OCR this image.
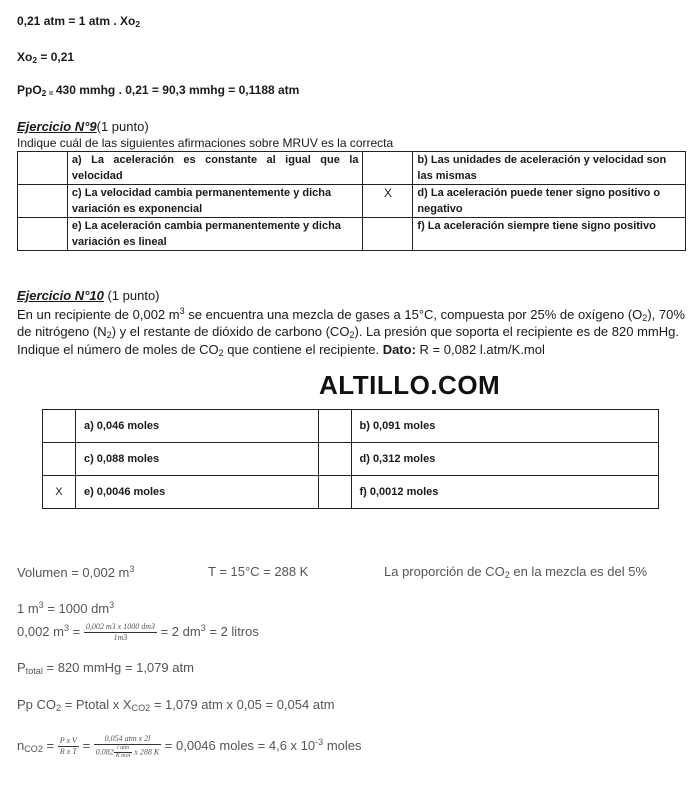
0,21 atm = 1 atm . $Xo_2$
$Xo_2 = 0,21$
PpO$_{2 =}$ 430 mmhg . 0,21 = 90,3 mmhg = 0,1188 atm
Ejercicio N°9(1 punto)
Indique cuál de las siguientes afirmaciones sobre MRUV es la correcta
	a) La aceleración es constante al igual que la velocidad		b) Las unidades de aceleración y velocidad son las mismas
	c) La velocidad cambia permanentemente y dicha variación es exponencial	X	d) La aceleración puede tener signo positivo o negativo
	e) La aceleración cambia permanentemente y dicha variación es lineal		f) La aceleración siempre tiene signo positivo
Ejercicio N°10 (1 punto)
En un recipiente de 0,002 $m^3$ se encuentra una mezcla de gases a 15°C, compuesta por 25% de oxígeno $(O_2)$, 70%
de nitrógeno $(N_2)$ y el restante de dióxido de carbono $(CO_2)$. La presión que soporta el recipiente es de 820 mmHg.
Indique el número de moles de $CO_2$ que contiene el recipiente. Dato: R = 0,082 l.atm/K.mol
ALTILLO.COM
	a) 0,046 moles		b) 0,091 moles
	c) 0,088 moles		d) 0,312 moles
X	e) 0,0046 moles		f) 0,0012 moles
Volumen = 0,002 $m^3$	T = 15°C = 288 K	La proporción de $CO_2$ en la mezcla es del 5%
1 $m^3 = 1000$ $dm^3$
0,002 $m^3 = \frac{0,002 m3 x 1000 dm3}{1m3} = 2$ $dm^3 = 2$ litros
$P_{total} = 820$ mmHg = 1,079 atm
Pp $CO_2$ = Ptotal x $X_{CO2} = 1,079$ atm x 0,05 = 0,054 atm
$n_{CO2} = \frac{\text{P x V}}{\text{R x T}} = \frac{\text{0.054 atm x 2l}}{0.082 \frac{\text{l atm}}{\text{K mol}} x 288 K} = 0,0046$ moles = 4,6 x $10^{-3}$ moles
